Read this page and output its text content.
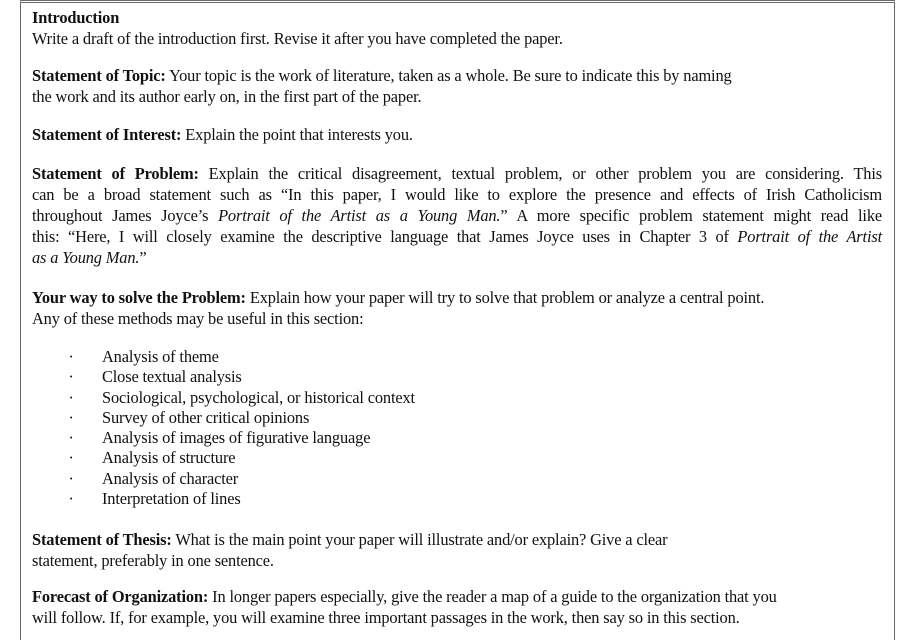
Introduction
Write a draft of the introduction first. Revise it after you have completed the paper.
Statement of Topic: Your topic is the work of literature, taken as a whole. Be sure to indicate this by naming
the work and its author early on, in the first part of the paper.
Statement of Interest: Explain the point that interests you.
Statement of Problem: Explain the critical disagreement, textual problem, or other problem you are considering. This
can be a broad statement such as “In this paper, I would like to explore the presence and effects of Irish Catholicism
throughout James Joyce’s Portrait of the Artist as a Young Man.” A more specific problem statement might read like
this: “Here, I will closely examine the descriptive language that James Joyce uses in Chapter 3 of Portrait of the Artist
as a Young Man.”
Your way to solve the Problem: Explain how your paper will try to solve that problem or analyze a central point.
Any of these methods may be useful in this section:
· Analysis of theme
· Close textual analysis
· Sociological, psychological, or historical context
· Survey of other critical opinions
· Analysis of images of figurative language
· Analysis of structure
· Analysis of character
· Interpretation of lines
Statement of Thesis: What is the main point your paper will illustrate and/or explain? Give a clear
statement, preferably in one sentence.
Forecast of Organization: In longer papers especially, give the reader a map of a guide to the organization that you
will follow. If, for example, you will examine three important passages in the work, then say so in this section.
